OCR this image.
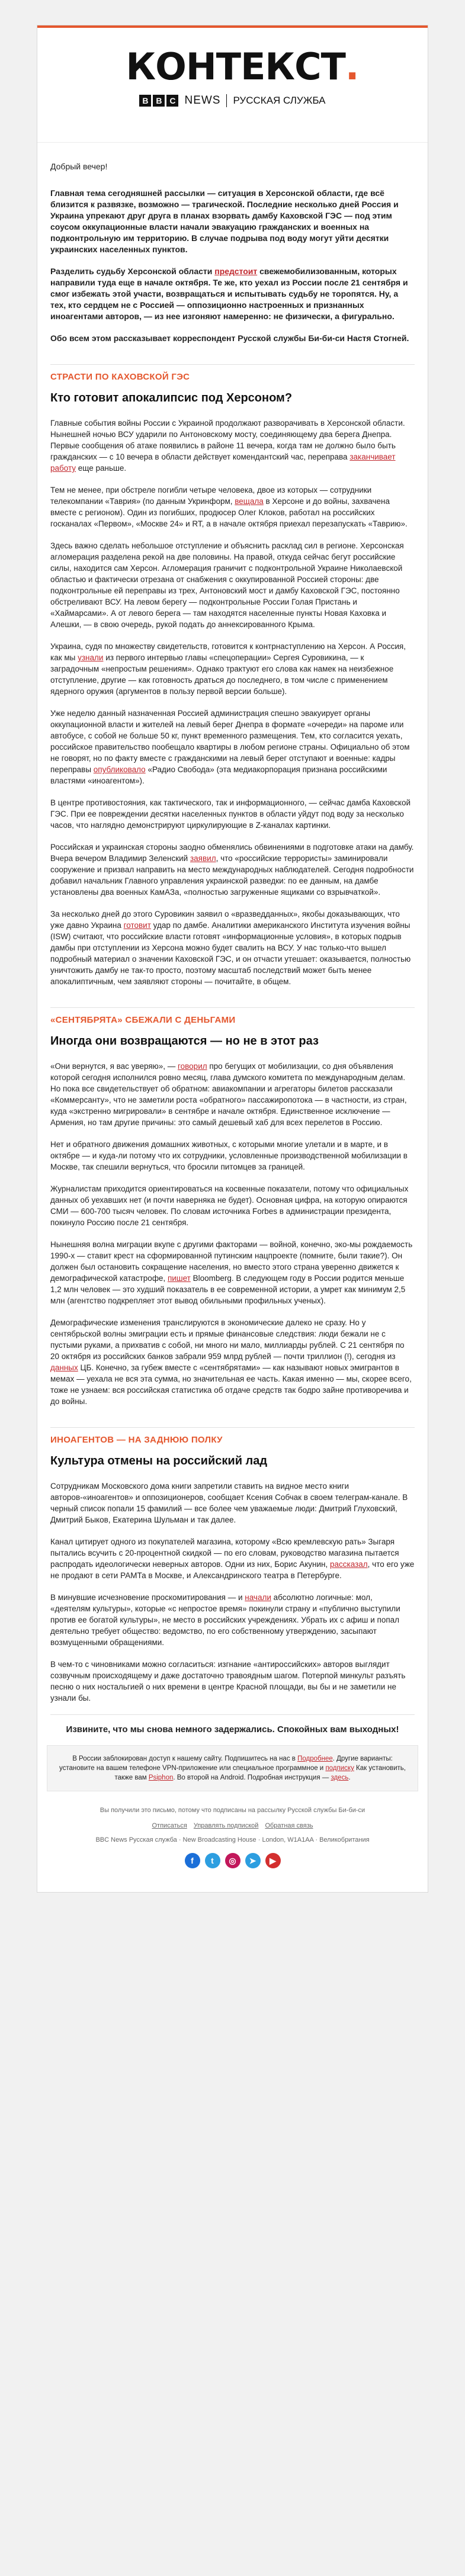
КОНТЕКСТ.
B B C NEWS РУССКАЯ СЛУЖБА

Добрый вечер!

Главная тема сегодняшней рассылки — ситуация в Херсонской области, где всё близится к развязке, возможно — трагической. Последние несколько дней Россия и Украина упрекают друг друга в планах взорвать дамбу Каховской ГЭС — под этим соусом оккупационные власти начали эвакуацию гражданских и военных на подконтрольную им территорию. В случае подрыва под воду могут уйти десятки украинских населенных пунктов.

Разделить судьбу Херсонской области предстоит свежемобилизованным, которых направили туда еще в начале октября. Те же, кто уехал из России после 21 сентября и смог избежать этой участи, возвращаться и испытывать судьбу не торопятся. Ну, а тех, кто сердцем не с Россией — оппозиционно настроенных и признанных иноагентами авторов, — из нее изгоняют намеренно: не физически, а фигурально.

Обо всем этом рассказывает корреспондент Русской службы Би-би-си Настя Стогней.

СТРАСТИ ПО КАХОВСКОЙ ГЭС
Кто готовит апокалипсис под Херсоном?

Главные события войны России с Украиной продолжают разворачивать в Херсонской области. Нынешней ночью ВСУ ударили по Антоновскому мосту, соединяющему два берега Днепра. Первые сообщения об атаке появились в районе 11 вечера, когда там не должно было быть гражданских — с 10 вечера в области действует комендантский час, переправа заканчивает работу еще раньше.

Тем не менее, при обстреле погибли четыре человека, двое из которых — сотрудники телекомпании «Таврия» (по данным Укринформ, вещала в Херсоне и до войны, захвачена вместе с регионом). Один из погибших, продюсер Олег Клоков, работал на российских госканалах «Первом», «Москве 24» и RT, а в начале октября приехал перезапускать «Таврию».

Здесь важно сделать небольшое отступление и объяснить расклад сил в регионе. Херсонская агломерация разделена рекой на две половины. На правой, откуда сейчас бегут российские силы, находится сам Херсон. Агломерация граничит с подконтрольной Украине Николаевской областью и фактически отрезана от снабжения с оккупированной Россией стороны: две подконтрольные ей переправы из трех, Антоновский мост и дамбу Каховской ГЭС, постоянно обстреливают ВСУ. На левом берегу — подконтрольные России Голая Пристань и «Хаймарсами». А от левого берега — там находятся населенные пункты Новая Каховка и Алешки, — в свою очередь, рукой подать до аннексированного Крыма.

Украина, судя по множеству свидетельств, готовится к контрнаступлению на Херсон. А Россия, как мы узнали из первого интервью главы «спецоперации» Сергея Суровикина, — к заградочным «непростым решениям». Однако трактуют его слова как намек на неизбежное отступление, другие — как готовность драться до последнего, в том числе с применением ядерного оружия (аргументов в пользу первой версии больше).

Уже неделю данный назначенная Россией администрация спешно эвакуирует органы оккупационной власти и жителей на левый берег Днепра в формате «очереди» на пароме или автобусе, с собой не больше 50 кг, пункт временного размещения. Тем, кто согласится уехать, российское правительство пообещало квартиры в любом регионе страны. Официально об этом не говорят, но по факту вместе с гражданскими на левый берег отступают и военные: кадры переправы опубликовало «Радио Свобода» (эта медиакорпорация признана российскими властями «иноагентом»).

В центре противостояния, как тактического, так и информационного, — сейчас дамба Каховской ГЭС. При ее повреждении десятки населенных пунктов в области уйдут под воду за несколько часов, что наглядно демонстрируют циркулирующие в Z-каналах картинки.

Российская и украинская стороны заодно обменялись обвинениями в подготовке атаки на дамбу. Вчера вечером Владимир Зеленский заявил, что «российские террористы» заминировали сооружение и призвал направить на место международных наблюдателей. Сегодня подробности добавил начальник Главного управления украинской разведки: по ее данным, на дамбе установлены два военных КамАЗа, «полностью загруженные ящиками со взрывчаткой».

За несколько дней до этого Суровикин заявил о «вразведданных», якобы доказывающих, что уже давно Украина готовит удар по дамбе. Аналитики американского Института изучения войны (ISW) считают, что российские власти готовят «информационные условия», в которых подрыв дамбы при отступлении из Херсона можно будет свалить на ВСУ. У нас только-что вышел подробный материал о значении Каховской ГЭС, и он отчасти утешает: оказывается, полностью уничтожить дамбу не так-то просто, поэтому масштаб последствий может быть менее апокалиптичным, чем заявляют стороны — почитайте, в общем.

«СЕНТЯБРЯТА» СБЕЖАЛИ С ДЕНЬГАМИ
Иногда они возвращаются — но не в этот раз

«Они вернутся, я вас уверяю», — говорил про бегущих от мобилизации, со дня объявления которой сегодня исполнился ровно месяц, глава думского комитета по международным делам. Но пока все свидетельствует об обратном: авиакомпании и агрегаторы билетов рассказали «Коммерсанту», что не заметили роста «обратного» пассажиропотока — в частности, из стран, куда «экстренно мигрировали» в сентябре и начале октября. Единственное исключение — Армения, но там другие причины: это самый дешевый хаб для всех перелетов в Россию.

Нет и обратного движения домашних животных, с которыми многие улетали и в марте, и в октябре — и куда-ли потому что их сотрудники, условленные производственной мобилизации в Москве, так спешили вернуться, что бросили питомцев за границей.

Журналистам приходится ориентироваться на косвенные показатели, потому что официальных данных об уехавших нет (и почти наверняка не будет). Основная цифра, на которую опираются СМИ — 600-700 тысяч человек. По словам источника Forbes в администрации президента, покинуло Россию после 21 сентября.

Нынешняя волна миграции вкупе с другими факторами — войной, конечно, эко-мы рождаемость 1990-х — ставит крест на сформированной путинским нацпроекте (помните, были такие?). Он должен был остановить сокращение населения, но вместо этого страна уверенно движется к демографической катастрофе, пишет Bloomberg. В следующем году в России родится меньше 1,2 млн человек — это худший показатель в ее современной истории, а умрет как минимум 2,5 млн (агентство подкрепляет этот вывод обильными профильных ученых).

Демографические изменения транслируются в экономические далеко не сразу. Но у сентябрьской волны эмиграции есть и прямые финансовые следствия: люди бежали не с пустыми руками, а прихватив с собой, ни много ни мало, миллиарды рублей. С 21 сентября по 20 октября из российских банков забрали 959 млрд рублей — почти триллион (!), сегодня из данных ЦБ. Конечно, за губеж вместе с «сентябрятами» — как называют новых эмигрантов в мемах — уехала не вся эта сумма, но значительная ее часть. Какая именно — мы, скорее всего, тоже не узнаем: вся российская статистика об отдаче средств так бодро зайне противоречива и до войны.

ИНОАГЕНТОВ — НА ЗАДНЮЮ ПОЛКУ
Культура отмены на российский лад

Сотрудникам Московского дома книги запретили ставить на видное место книги авторов-«иноагентов» и оппозиционеров, сообщает Ксения Собчак в своем телеграм-канале. В черный список попали 15 фамилий — все более чем уважаемые люди: Дмитрий Глуховский, Дмитрий Быков, Екатерина Шульман и так далее.

Канал цитирует одного из покупателей магазина, которому «Всю кремлевскую рать» Зыгаря пытались всучить с 20-процентной скидкой — по его словам, руководство магазина пытается распродать идеологически неверных авторов. Одни из них, Борис Акунин, рассказал, что его уже не продают в сети РАМТа в Москве, и Александринского театра в Петербурге.

В минувшие исчезновение проскомитирования — и начали абсолютно логичные: мол, «деятелям культуры», которые «с непростое время» покинули страну и «публично выступили против ее богатой культуры», не место в российских учреждениях. Убрать их с афиш и попал деятельно требует общество: ведомство, по его собственному утверждению, засыпают возмущенными обращениями.

В чем-то с чиновниками можно согласиться: изгнание «антироссийских» авторов выглядит созвучным происходящему и даже достаточно травоядным шагом. Потерпой минкульт разъять песню о них ностальгией о них времени в центре Красной площади, вы бы и не заметили не узнали бы.

Извините, что мы снова немного задержались. Спокойных вам выходных!
В России заблокирован доступ к нашему сайту. Подпишитесь на нас в Подробнее. Другие варианты: установите на вашем телефоне VPN-приложение или специальное программное и подписку Как установить, также вам Psiphon. Во второй на Android. Подробная инструкция — здесь.
Вы получили это письмо, потому что подписаны на рассылку Русской службы Би-би-си
Отписаться Управлять подпиской Обратная связь
BBC News Русская служба · New Broadcasting House · London, W1A1AA · Великобритания
f	t	◎	➤	▶
